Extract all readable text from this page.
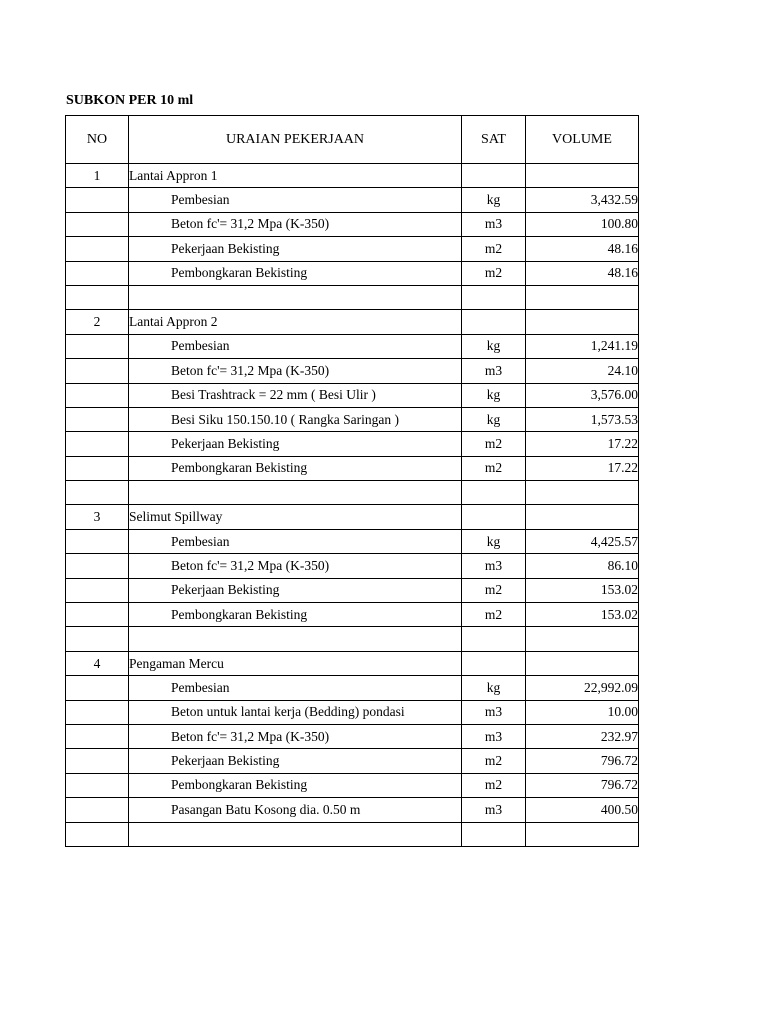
SUBKON PER 10 ml
NO	URAIAN PEKERJAAN	SAT	VOLUME
1	Lantai Appron 1		
	Pembesian	kg	3,432.59
	Beton fc'= 31,2 Mpa (K-350)	m3	100.80
	Pekerjaan Bekisting	m2	48.16
	Pembongkaran Bekisting	m2	48.16

2	Lantai Appron 2		
	Pembesian	kg	1,241.19
	Beton fc'= 31,2 Mpa (K-350)	m3	24.10
	Besi Trashtrack = 22 mm ( Besi Ulir )	kg	3,576.00
	Besi Siku 150.150.10 ( Rangka Saringan )	kg	1,573.53
	Pekerjaan Bekisting	m2	17.22
	Pembongkaran Bekisting	m2	17.22

3	Selimut Spillway		
	Pembesian	kg	4,425.57
	Beton fc'= 31,2 Mpa (K-350)	m3	86.10
	Pekerjaan Bekisting	m2	153.02
	Pembongkaran Bekisting	m2	153.02

4	Pengaman Mercu		
	Pembesian	kg	22,992.09
	Beton untuk lantai kerja (Bedding) pondasi	m3	10.00
	Beton fc'= 31,2 Mpa (K-350)	m3	232.97
	Pekerjaan Bekisting	m2	796.72
	Pembongkaran Bekisting	m2	796.72
	Pasangan Batu Kosong dia. 0.50 m	m3	400.50
